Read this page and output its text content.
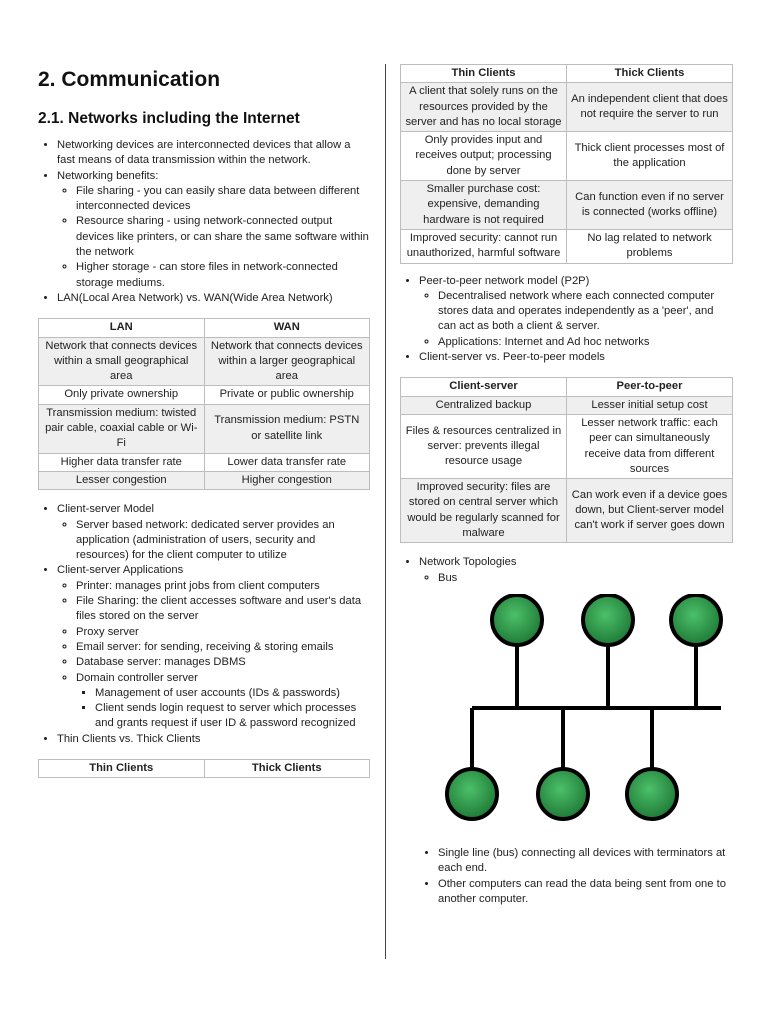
2. Communication
2.1. Networks including the Internet
• Networking devices are interconnected devices that allow a fast means of data transmission within the network.
• Networking benefits:
◦ File sharing - you can easily share data between different interconnected devices
◦ Resource sharing - using network-connected output devices like printers, or can share the same software within the network
◦ Higher storage - can store files in network-connected storage mediums.
• LAN(Local Area Network) vs. WAN(Wide Area Network)
LAN	WAN
Network that connects devices within a small geographical area	Network that connects devices within a larger geographical area
Only private ownership	Private or public ownership
Transmission medium: twisted pair cable, coaxial cable or Wi-Fi	Transmission medium: PSTN or satellite link
Higher data transfer rate	Lower data transfer rate
Lesser congestion	Higher congestion
• Client-server Model
◦ Server based network: dedicated server provides an application (administration of users, security and resources) for the client computer to utilize
• Client-server Applications
◦ Printer: manages print jobs from client computers
◦ File Sharing: the client accesses software and user's data files stored on the server
◦ Proxy server
◦ Email server: for sending, receiving & storing emails
◦ Database server: manages DBMS
◦ Domain controller server
▪ Management of user accounts (IDs & passwords)
▪ Client sends login request to server which processes and grants request if user ID & password recognized
• Thin Clients vs. Thick Clients
Thin Clients	Thick Clients
Thin Clients	Thick Clients
A client that solely runs on the resources provided by the server and has no local storage	An independent client that does not require the server to run
Only provides input and receives output; processing done by server	Thick client processes most of the application
Smaller purchase cost: expensive, demanding hardware is not required	Can function even if no server is connected (works offline)
Improved security: cannot run unauthorized, harmful software	No lag related to network problems
• Peer-to-peer network model (P2P)
◦ Decentralised network where each connected computer stores data and operates independently as a 'peer', and can act as both a client & server.
◦ Applications: Internet and Ad hoc networks
• Client-server vs. Peer-to-peer models
Client-server	Peer-to-peer
Centralized backup	Lesser initial setup cost
Files & resources centralized in server: prevents illegal resource usage	Lesser network traffic: each peer can simultaneously receive data from different sources
Improved security: files are stored on central server which would be regularly scanned for malware	Can work even if a device goes down, but Client-server model can't work if server goes down
• Network Topologies
◦ Bus
• Single line (bus) connecting all devices with terminators at each end.
• Other computers can read the data being sent from one to another computer.
